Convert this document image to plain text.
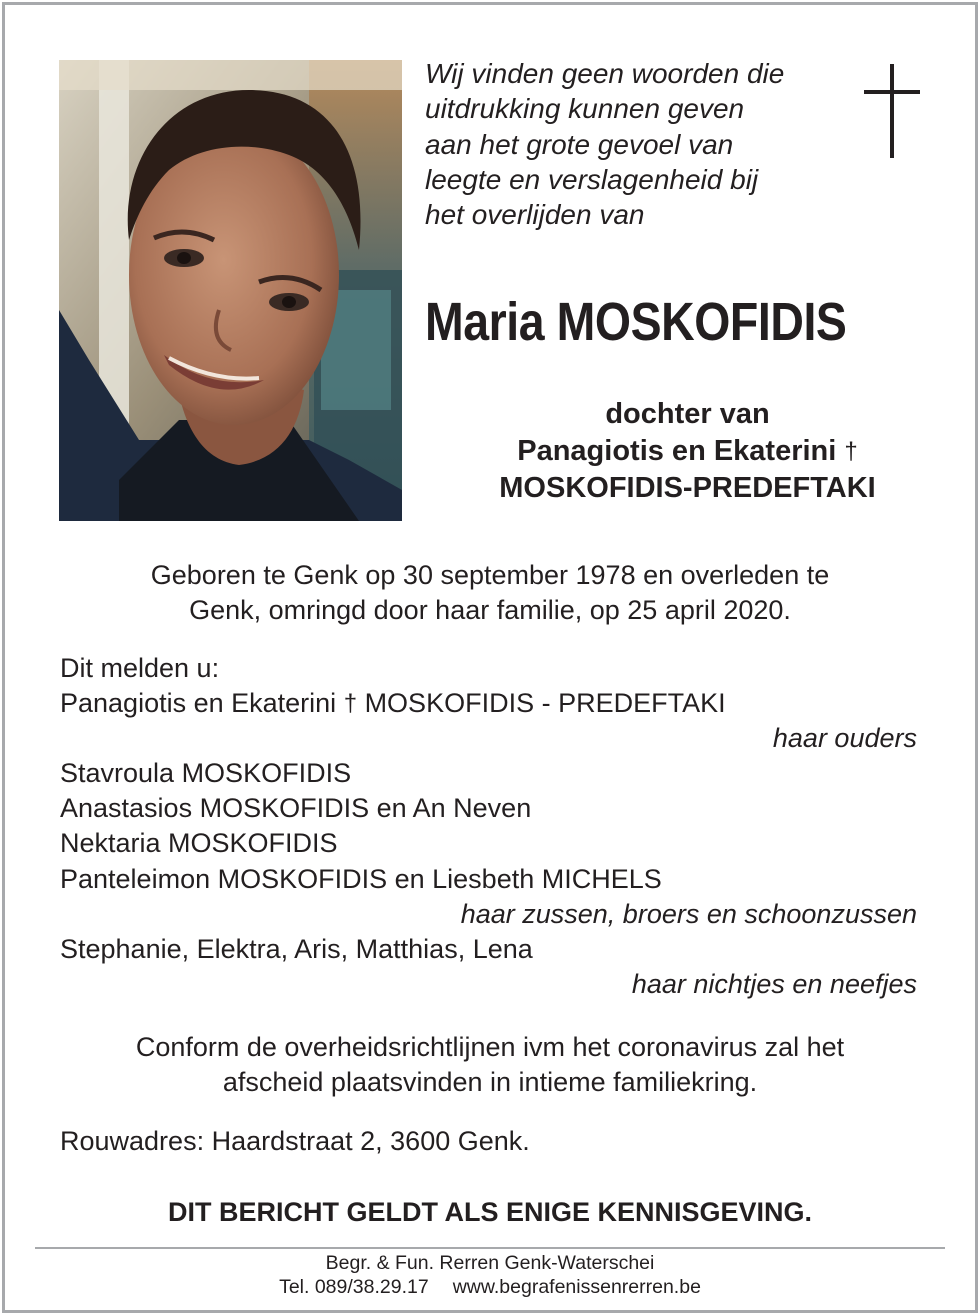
Wij vinden geen woorden die
uitdrukking kunnen geven
aan het grote gevoel van
leegte en verslagenheid bij
het overlijden van
Maria MOSKOFIDIS
dochter van
Panagiotis en Ekaterini †
MOSKOFIDIS-PREDEFTAKI
Geboren te Genk op 30 september 1978 en overleden te
Genk, omringd door haar familie, op 25 april 2020.
Dit melden u:
Panagiotis en Ekaterini † MOSKOFIDIS - PREDEFTAKI
haar ouders
Stavroula MOSKOFIDIS
Anastasios MOSKOFIDIS en An Neven
Nektaria MOSKOFIDIS
Panteleimon MOSKOFIDIS en Liesbeth MICHELS
haar zussen, broers en schoonzussen
Stephanie, Elektra, Aris, Matthias, Lena
haar nichtjes en neefjes
Conform de overheidsrichtlijnen ivm het coronavirus zal het
afscheid plaatsvinden in intieme familiekring.
Rouwadres: Haardstraat 2, 3600 Genk.
DIT BERICHT GELDT ALS ENIGE KENNISGEVING.
Begr. & Fun. Rerren Genk-Waterschei
Tel. 089/38.29.17 www.begrafenissenrerren.be
